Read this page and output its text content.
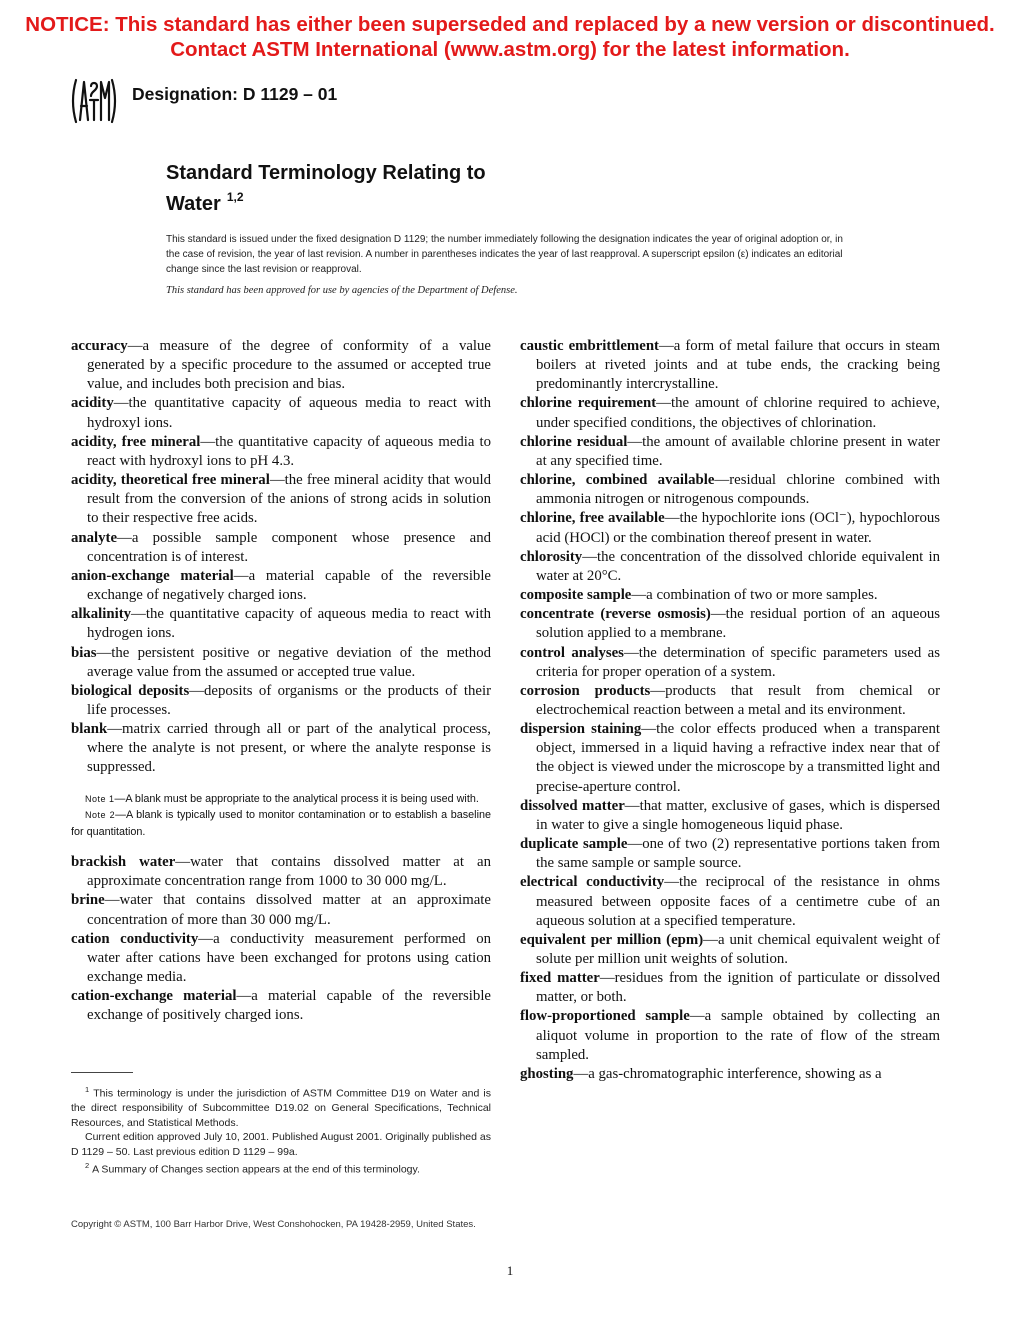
NOTICE: This standard has either been superseded and replaced by a new version or discontinued.
Contact ASTM International (www.astm.org) for the latest information.
Designation: D 1129 – 01
Standard Terminology Relating to
Water $^{1,2}$
This standard is issued under the fixed designation D 1129; the number immediately following the designation indicates the year of original adoption or, in the case of revision, the year of last revision. A number in parentheses indicates the year of last reapproval. A superscript epsilon (ε) indicates an editorial change since the last revision or reapproval.
This standard has been approved for use by agencies of the Department of Defense.

accuracy—a measure of the degree of conformity of a value generated by a specific procedure to the assumed or accepted true value, and includes both precision and bias.

acidity—the quantitative capacity of aqueous media to react with hydroxyl ions.

acidity, free mineral—the quantitative capacity of aqueous media to react with hydroxyl ions to pH 4.3.

acidity, theoretical free mineral—the free mineral acidity that would result from the conversion of the anions of strong acids in solution to their respective free acids.

analyte—a possible sample component whose presence and concentration is of interest.

anion-exchange material—a material capable of the reversible exchange of negatively charged ions.

alkalinity—the quantitative capacity of aqueous media to react with hydrogen ions.

bias—the persistent positive or negative deviation of the method average value from the assumed or accepted true value.

biological deposits—deposits of organisms or the products of their life processes.

blank—matrix carried through all or part of the analytical process, where the analyte is not present, or where the analyte response is suppressed.

Note 1—A blank must be appropriate to the analytical process it is being used with.

Note 2—A blank is typically used to monitor contamination or to establish a baseline for quantitation.

brackish water—water that contains dissolved matter at an approximate concentration range from 1000 to 30 000 mg/L.

brine—water that contains dissolved matter at an approximate concentration of more than 30 000 mg/L.

cation conductivity—a conductivity measurement performed on water after cations have been exchanged for protons using cation exchange media.

cation-exchange material—a material capable of the reversible exchange of positively charged ions.

caustic embrittlement—a form of metal failure that occurs in steam boilers at riveted joints and at tube ends, the cracking being predominantly intercrystalline.

chlorine requirement—the amount of chlorine required to achieve, under specified conditions, the objectives of chlorination.

chlorine residual—the amount of available chlorine present in water at any specified time.

chlorine, combined available—residual chlorine combined with ammonia nitrogen or nitrogenous compounds.

chlorine, free available—the hypochlorite ions (OCl⁻), hypochlorous acid (HOCl) or the combination thereof present in water.

chlorosity—the concentration of the dissolved chloride equivalent in water at 20°C.

composite sample—a combination of two or more samples.

concentrate (reverse osmosis)—the residual portion of an aqueous solution applied to a membrane.

control analyses—the determination of specific parameters used as criteria for proper operation of a system.

corrosion products—products that result from chemical or electrochemical reaction between a metal and its environment.

dispersion staining—the color effects produced when a transparent object, immersed in a liquid having a refractive index near that of the object is viewed under the microscope by a transmitted light and precise-aperture control.

dissolved matter—that matter, exclusive of gases, which is dispersed in water to give a single homogeneous liquid phase.

duplicate sample—one of two (2) representative portions taken from the same sample or sample source.

electrical conductivity—the reciprocal of the resistance in ohms measured between opposite faces of a centimetre cube of an aqueous solution at a specified temperature.

equivalent per million (epm)—a unit chemical equivalent weight of solute per million unit weights of solution.

fixed matter—residues from the ignition of particulate or dissolved matter, or both.

flow-proportioned sample—a sample obtained by collecting an aliquot volume in proportion to the rate of flow of the stream sampled.

ghosting—a gas-chromatographic interference, showing as a

$^1$ This terminology is under the jurisdiction of ASTM Committee D19 on Water and is the direct responsibility of Subcommittee D19.02 on General Specifications, Technical Resources, and Statistical Methods.

Current edition approved July 10, 2001. Published August 2001. Originally published as D 1129 – 50. Last previous edition D 1129 – 99a.

$^2$ A Summary of Changes section appears at the end of this terminology.

Copyright © ASTM, 100 Barr Harbor Drive, West Conshohocken, PA 19428-2959, United States.
1
